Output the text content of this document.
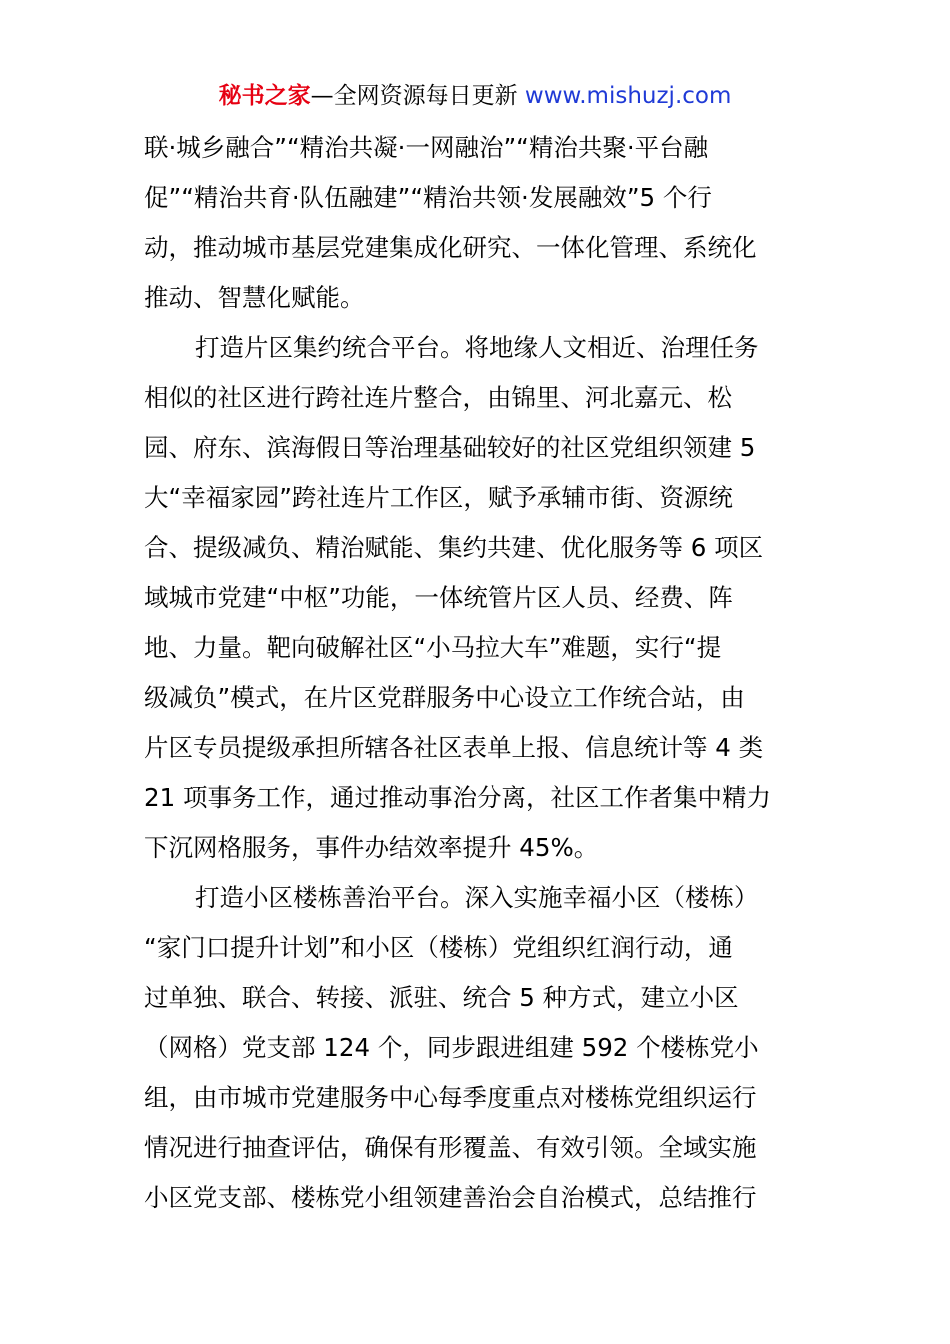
秘书之家—全网资源每日更新 www.mishuzj.com
联·城乡融合”“精治共凝·一网融治”“精治共聚·平台融
促”“精治共育·队伍融建”“精治共领·发展融效”5 个行
动，推动城市基层党建集成化研究、一体化管理、系统化
推动、智慧化赋能。
打造片区集约统合平台。将地缘人文相近、治理任务
相似的社区进行跨社连片整合，由锦里、河北嘉元、松
园、府东、滨海假日等治理基础较好的社区党组织领建 5
大“幸福家园”跨社连片工作区，赋予承辅市街、资源统
合、提级减负、精治赋能、集约共建、优化服务等 6 项区
域城市党建“中枢”功能，一体统管片区人员、经费、阵
地、力量。靶向破解社区“小马拉大车”难题，实行“提
级减负”模式，在片区党群服务中心设立工作统合站，由
片区专员提级承担所辖各社区表单上报、信息统计等 4 类
21 项事务工作，通过推动事治分离，社区工作者集中精力
下沉网格服务，事件办结效率提升 45%。
打造小区楼栋善治平台。深入实施幸福小区（楼栋）
“家门口提升计划”和小区（楼栋）党组织红润行动，通
过单独、联合、转接、派驻、统合 5 种方式，建立小区
（网格）党支部 124 个，同步跟进组建 592 个楼栋党小
组，由市城市党建服务中心每季度重点对楼栋党组织运行
情况进行抽查评估，确保有形覆盖、有效引领。全域实施
小区党支部、楼栋党小组领建善治会自治模式，总结推行
